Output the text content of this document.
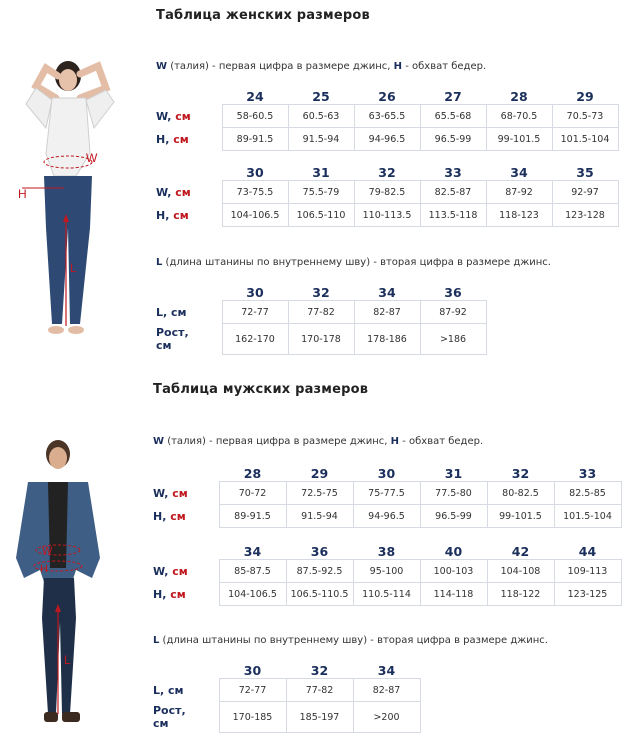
Таблица женских размеров
W
H
L
W (талия) - первая цифра в размере джинс, H - обхват бедер.
	24	25	26	27	28	29
W, см	58-60.5	60.5-63	63-65.5	65.5-68	68-70.5	70.5-73
H, см	89-91.5	91.5-94	94-96.5	96.5-99	99-101.5	101.5-104
	30	31	32	33	34	35
W, см	73-75.5	75.5-79	79-82.5	82.5-87	87-92	92-97
H, см	104-106.5	106.5-110	110-113.5	113.5-118	118-123	123-128
L (длина штанины по внутреннему шву) - вторая цифра в размере джинс.
	30	32	34	36
L, см	72-77	77-82	82-87	87-92
Рост,
см	162-170	170-178	178-186	>186
Таблица мужских размеров
W
H
L
W (талия) - первая цифра в размере джинс, H - обхват бедер.
	28	29	30	31	32	33
W, см	70-72	72.5-75	75-77.5	77.5-80	80-82.5	82.5-85
H, см	89-91.5	91.5-94	94-96.5	96.5-99	99-101.5	101.5-104
	34	36	38	40	42	44
W, см	85-87.5	87.5-92.5	95-100	100-103	104-108	109-113
H, см	104-106.5	106.5-110.5	110.5-114	114-118	118-122	123-125
L (длина штанины по внутреннему шву) - вторая цифра в размере джинс.
	30	32	34
L, см	72-77	77-82	82-87
Рост,
см	170-185	185-197	>200
